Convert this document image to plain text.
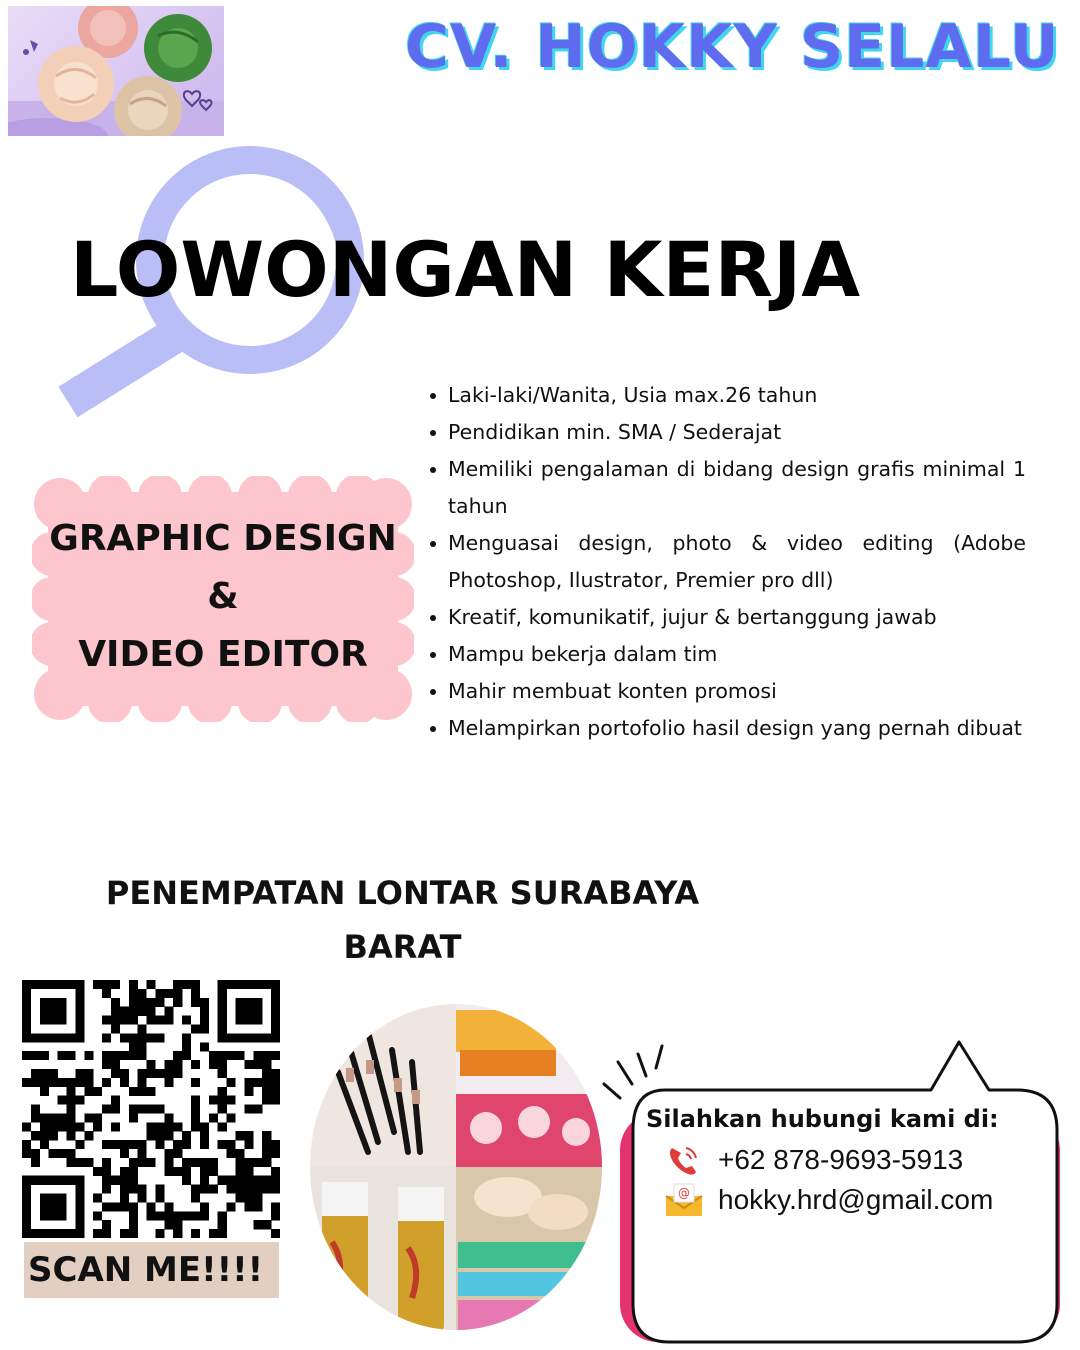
CV. HOKKY SELALU
LOWONGAN KERJA
GRAPHIC DESIGN
&
VIDEO EDITOR
Laki-laki/Wanita, Usia max.26 tahun
Pendidikan min. SMA / Sederajat
Memiliki pengalaman di bidang design grafis minimal 1 tahun
Menguasai design, photo & video editing (Adobe Photoshop, Ilustrator, Premier pro dll)
Kreatif, komunikatif, jujur & bertanggung jawab
Mampu bekerja dalam tim
Mahir membuat konten promosi
Melampirkan portofolio hasil design yang pernah dibuat
PENEMPATAN LONTAR SURABAYA
BARAT
SCAN ME!!!!
Silahkan hubungi kami di:
+62 878-9693-5913
@ hokky.hrd@gmail.com
